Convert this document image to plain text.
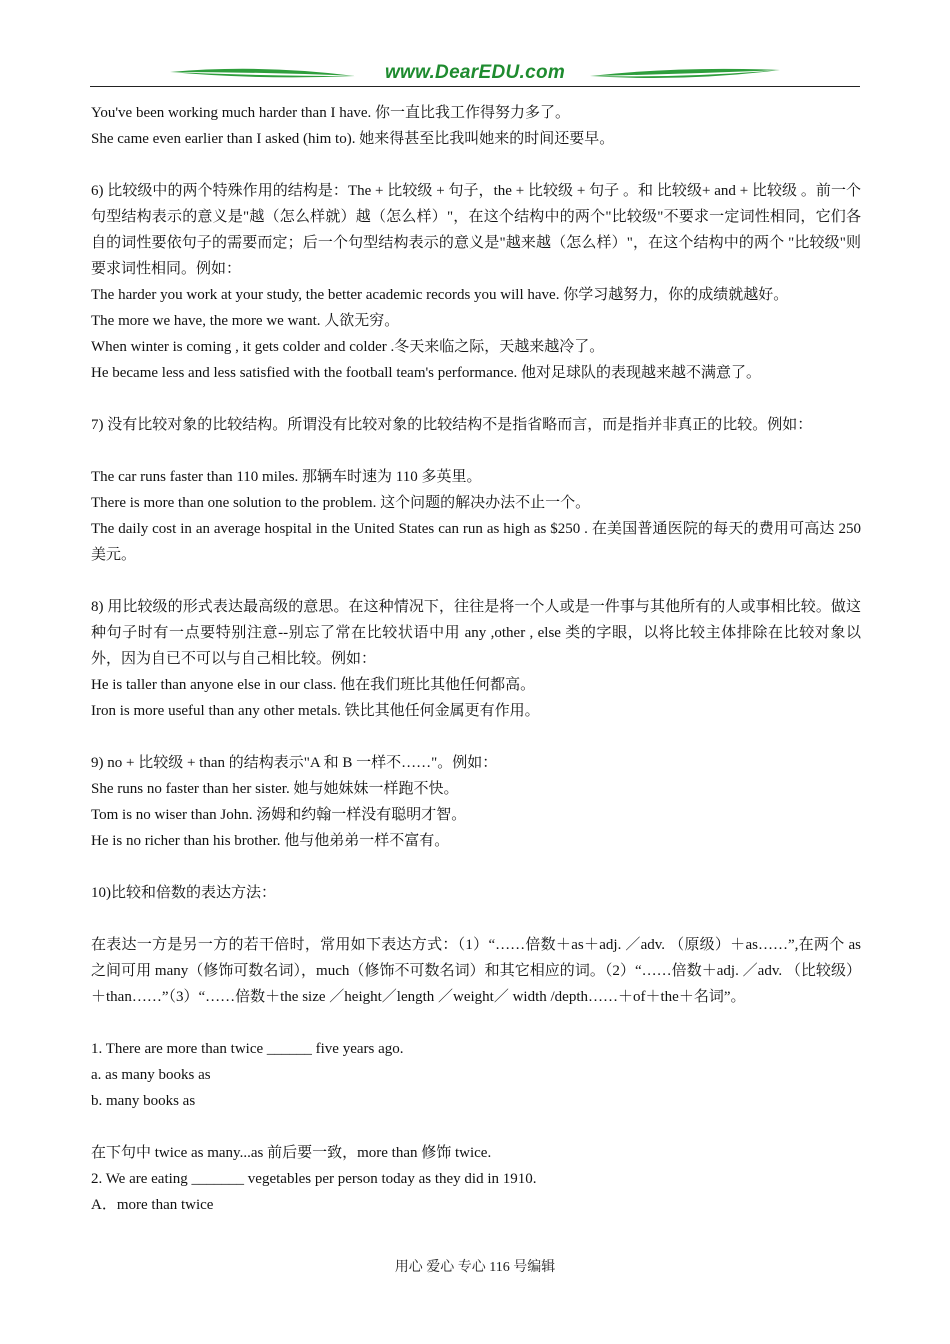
www.DearEDU.com
You've been working much harder than I have. 你一直比我工作得努力多了。
She came even earlier than I asked (him to). 她来得甚至比我叫她来的时间还要早。
6) 比较级中的两个特殊作用的结构是：The + 比较级 + 句子，the + 比较级 + 句子 。和 比较级+ and + 比较级 。前一个句型结构表示的意义是"越（怎么样就）越（怎么样）"，在这个结构中的两个"比较级"不要求一定词性相同，它们各自的词性要依句子的需要而定；后一个句型结构表示的意义是"越来越（怎么样）"，在这个结构中的两个 "比较级"则要求词性相同。例如：
The harder you work at your study, the better academic records you will have. 你学习越努力，你的成绩就越好。
The more we have, the more we want. 人欲无穷。
When winter is coming , it gets colder and colder .冬天来临之际，天越来越冷了。
He became less and less satisfied with the football team's performance. 他对足球队的表现越来越不满意了。
7) 没有比较对象的比较结构。所谓没有比较对象的比较结构不是指省略而言，而是指并非真正的比较。例如：
The car runs faster than 110 miles. 那辆车时速为 110 多英里。
There is more than one solution to the problem. 这个问题的解决办法不止一个。
The daily cost in an average hospital in the United States can run as high as $250 . 在美国普通医院的每天的费用可高达 250 美元。
8) 用比较级的形式表达最高级的意思。在这种情况下，往往是将一个人或是一件事与其他所有的人或事相比较。做这种句子时有一点要特别注意--别忘了常在比较状语中用 any ,other , else 类的字眼，以将比较主体排除在比较对象以外，因为自已不可以与自己相比较。例如：
He is taller than anyone else in our class. 他在我们班比其他任何都高。
Iron is more useful than any other metals. 铁比其他任何金属更有作用。
9) no + 比较级 + than 的结构表示"A 和 B 一样不……"。例如：
She runs no faster than her sister. 她与她妹妹一样跑不快。
Tom is no wiser than John. 汤姆和约翰一样没有聪明才智。
He is no richer than his brother. 他与他弟弟一样不富有。
10)比较和倍数的表达方法：
在表达一方是另一方的若干倍时，常用如下表达方式：（1）“……倍数＋as＋adj. ／adv. （原级）＋as……”,在两个 as 之间可用 many（修饰可数名词），much（修饰不可数名词）和其它相应的词。（2）“……倍数＋adj. ／adv. （比较级）＋than……”（3）“……倍数＋the size ／height／length ／weight／ width /depth……＋of＋the＋名词”。
1. There are more than twice ______ five years ago.
a. as many books as
b. many books as
在下句中 twice as many...as 前后要一致，more than 修饰 twice.
2. We are eating _______ vegetables per person today as they did in 1910.
A．more than twice
用心 爱心 专心 116 号编辑
